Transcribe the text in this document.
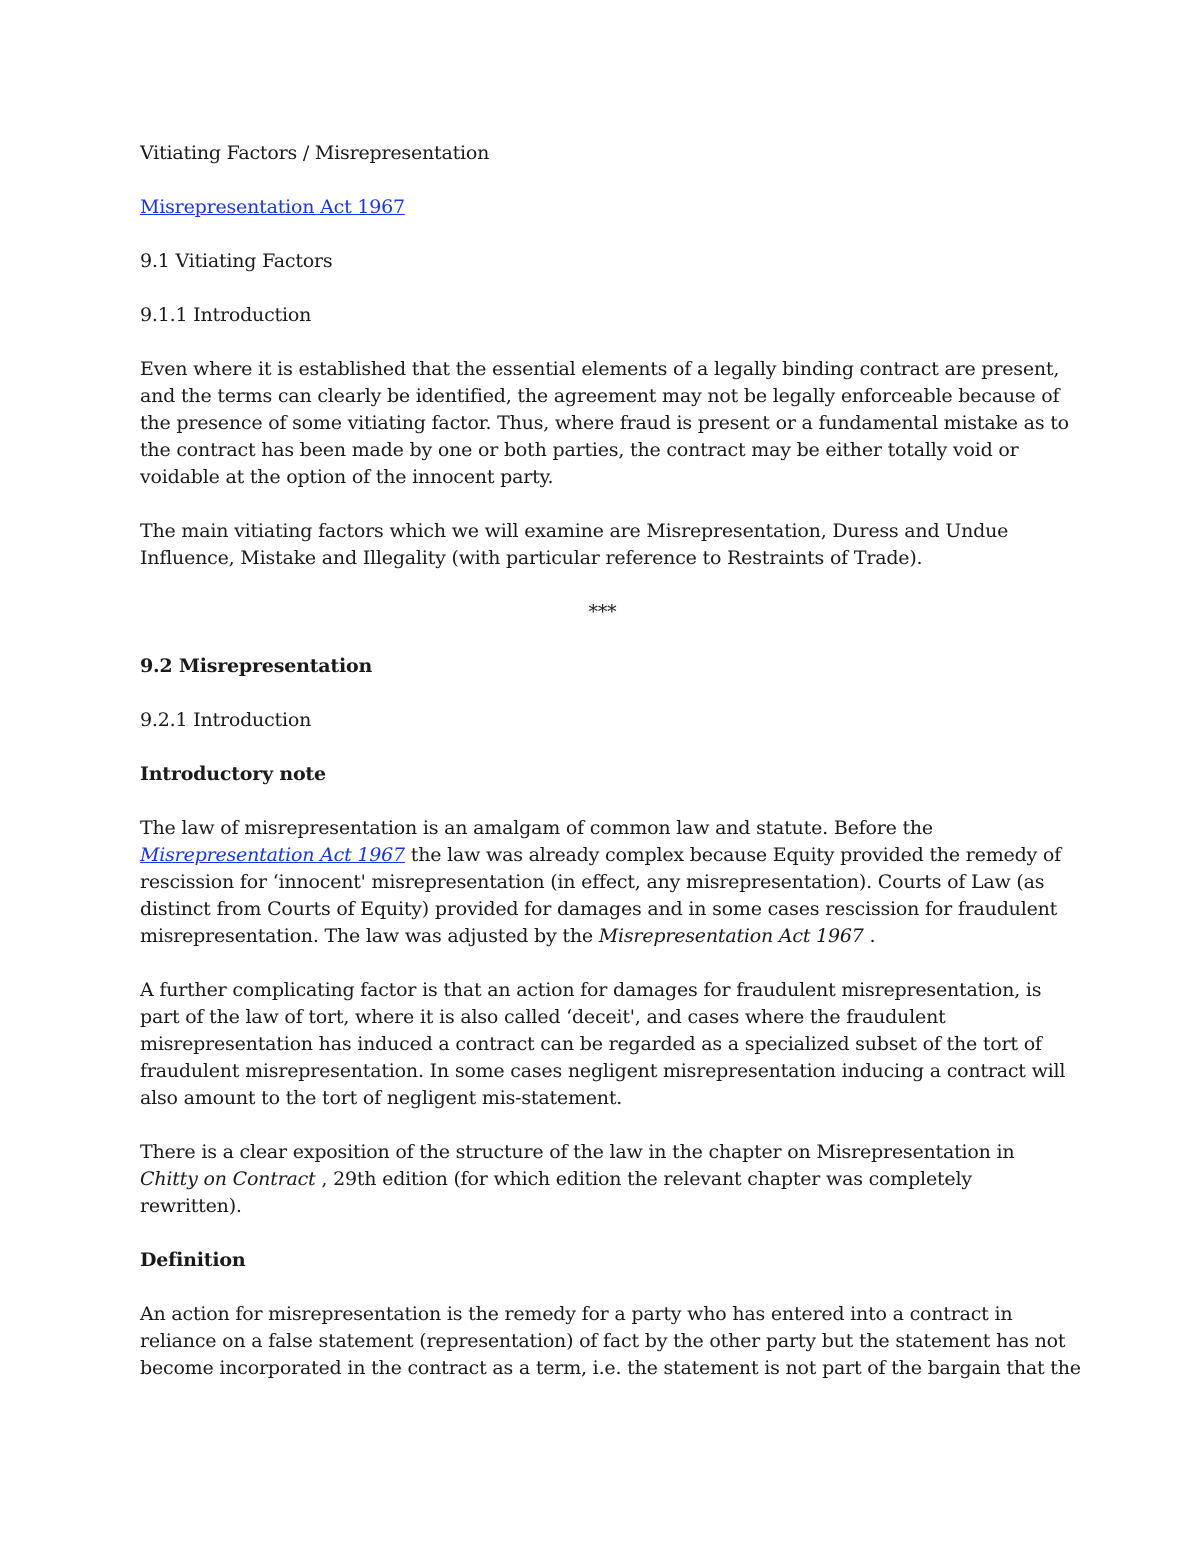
Vitiating Factors / Misrepresentation

Misrepresentation Act 1967

9.1 Vitiating Factors

9.1.1 Introduction

Even where it is established that the essential elements of a legally binding contract are present,
and the terms can clearly be identified, the agreement may not be legally enforceable because of
the presence of some vitiating factor. Thus, where fraud is present or a fundamental mistake as to
the contract has been made by one or both parties, the contract may be either totally void or
voidable at the option of the innocent party.

The main vitiating factors which we will examine are Misrepresentation, Duress and Undue
Influence, Mistake and Illegality (with particular reference to Restraints of Trade).

***

9.2 Misrepresentation

9.2.1 Introduction

Introductory note

The law of misrepresentation is an amalgam of common law and statute. Before the
Misrepresentation Act 1967 the law was already complex because Equity provided the remedy of
rescission for ‘innocent' misrepresentation (in effect, any misrepresentation). Courts of Law (as
distinct from Courts of Equity) provided for damages and in some cases rescission for fraudulent
misrepresentation. The law was adjusted by the Misrepresentation Act 1967 .

A further complicating factor is that an action for damages for fraudulent misrepresentation, is
part of the law of tort, where it is also called ‘deceit', and cases where the fraudulent
misrepresentation has induced a contract can be regarded as a specialized subset of the tort of
fraudulent misrepresentation. In some cases negligent misrepresentation inducing a contract will
also amount to the tort of negligent mis-statement.

There is a clear exposition of the structure of the law in the chapter on Misrepresentation in
Chitty on Contract , 29th edition (for which edition the relevant chapter was completely
rewritten).

Definition

An action for misrepresentation is the remedy for a party who has entered into a contract in
reliance on a false statement (representation) of fact by the other party but the statement has not
become incorporated in the contract as a term, i.e. the statement is not part of the bargain that the
